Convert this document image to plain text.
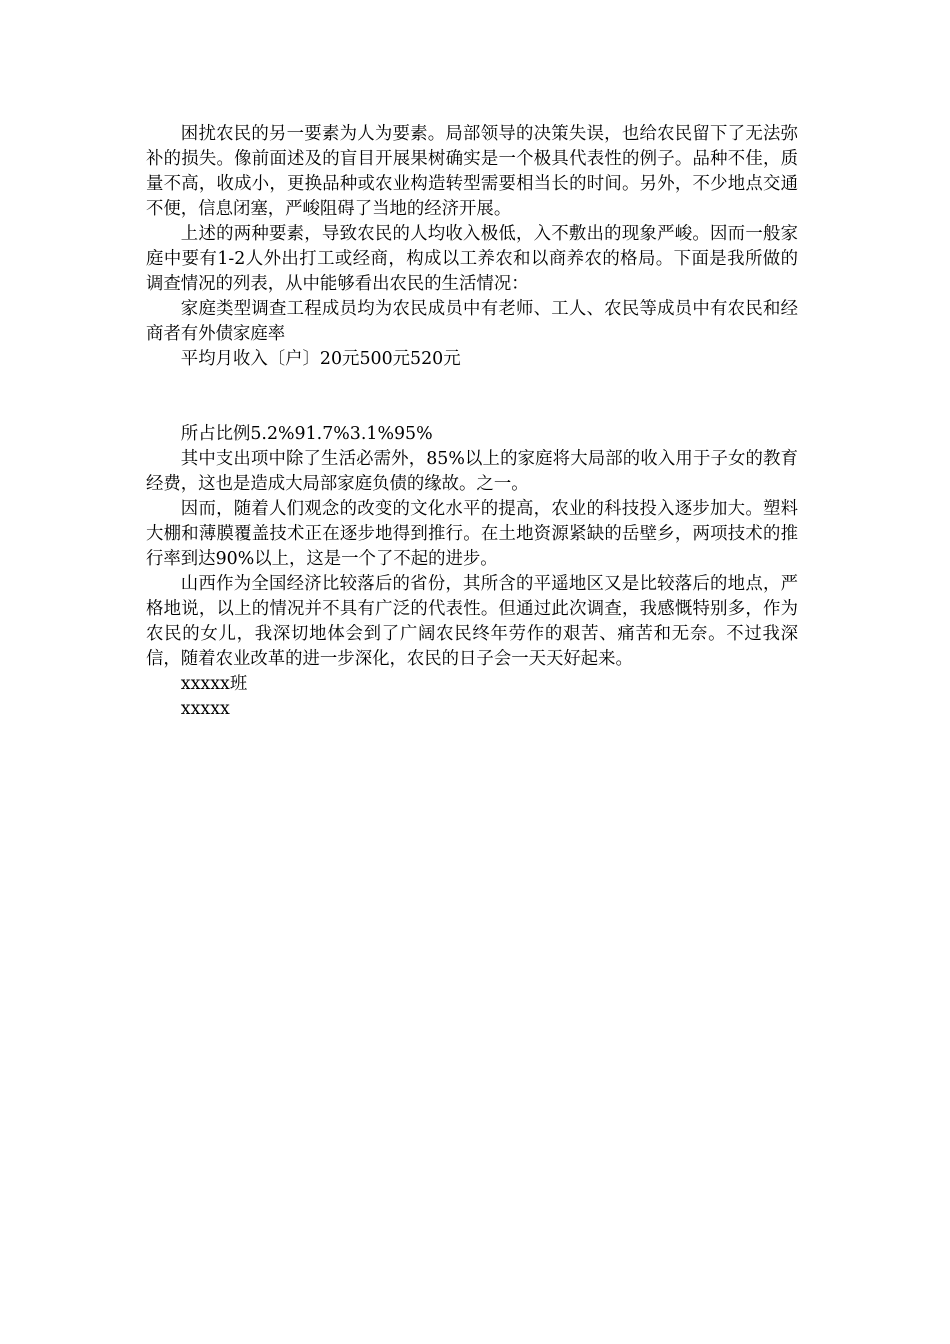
困扰农民的另一要素为人为要素。局部领导的决策失误，也给农民留下了无法弥补的损失。像前面述及的盲目开展果树确实是一个极具代表性的例子。品种不佳，质量不高，收成小，更换品种或农业构造转型需要相当长的时间。另外，不少地点交通不便，信息闭塞，严峻阻碍了当地的经济开展。

上述的两种要素，导致农民的人均收入极低，入不敷出的现象严峻。因而一般家庭中要有1-2人外出打工或经商，构成以工养农和以商养农的格局。下面是我所做的调查情况的列表，从中能够看出农民的生活情况：

家庭类型调查工程成员均为农民成员中有老师、工人、农民等成员中有农民和经商者有外债家庭率

平均月收入〔户〕20元500元520元

所占比例5.2%91.7%3.1%95%

其中支出项中除了生活必需外，85%以上的家庭将大局部的收入用于子女的教育经费，这也是造成大局部家庭负债的缘故。之一。

因而，随着人们观念的改变的文化水平的提高，农业的科技投入逐步加大。塑料大棚和薄膜覆盖技术正在逐步地得到推行。在土地资源紧缺的岳壁乡，两项技术的推行率到达90%以上，这是一个了不起的进步。

山西作为全国经济比较落后的省份，其所含的平遥地区又是比较落后的地点，严格地说，以上的情况并不具有广泛的代表性。但通过此次调查，我感慨特别多，作为农民的女儿，我深切地体会到了广阔农民终年劳作的艰苦、痛苦和无奈。不过我深信，随着农业改革的进一步深化，农民的日子会一天天好起来。

xxxxx班

xxxxx
